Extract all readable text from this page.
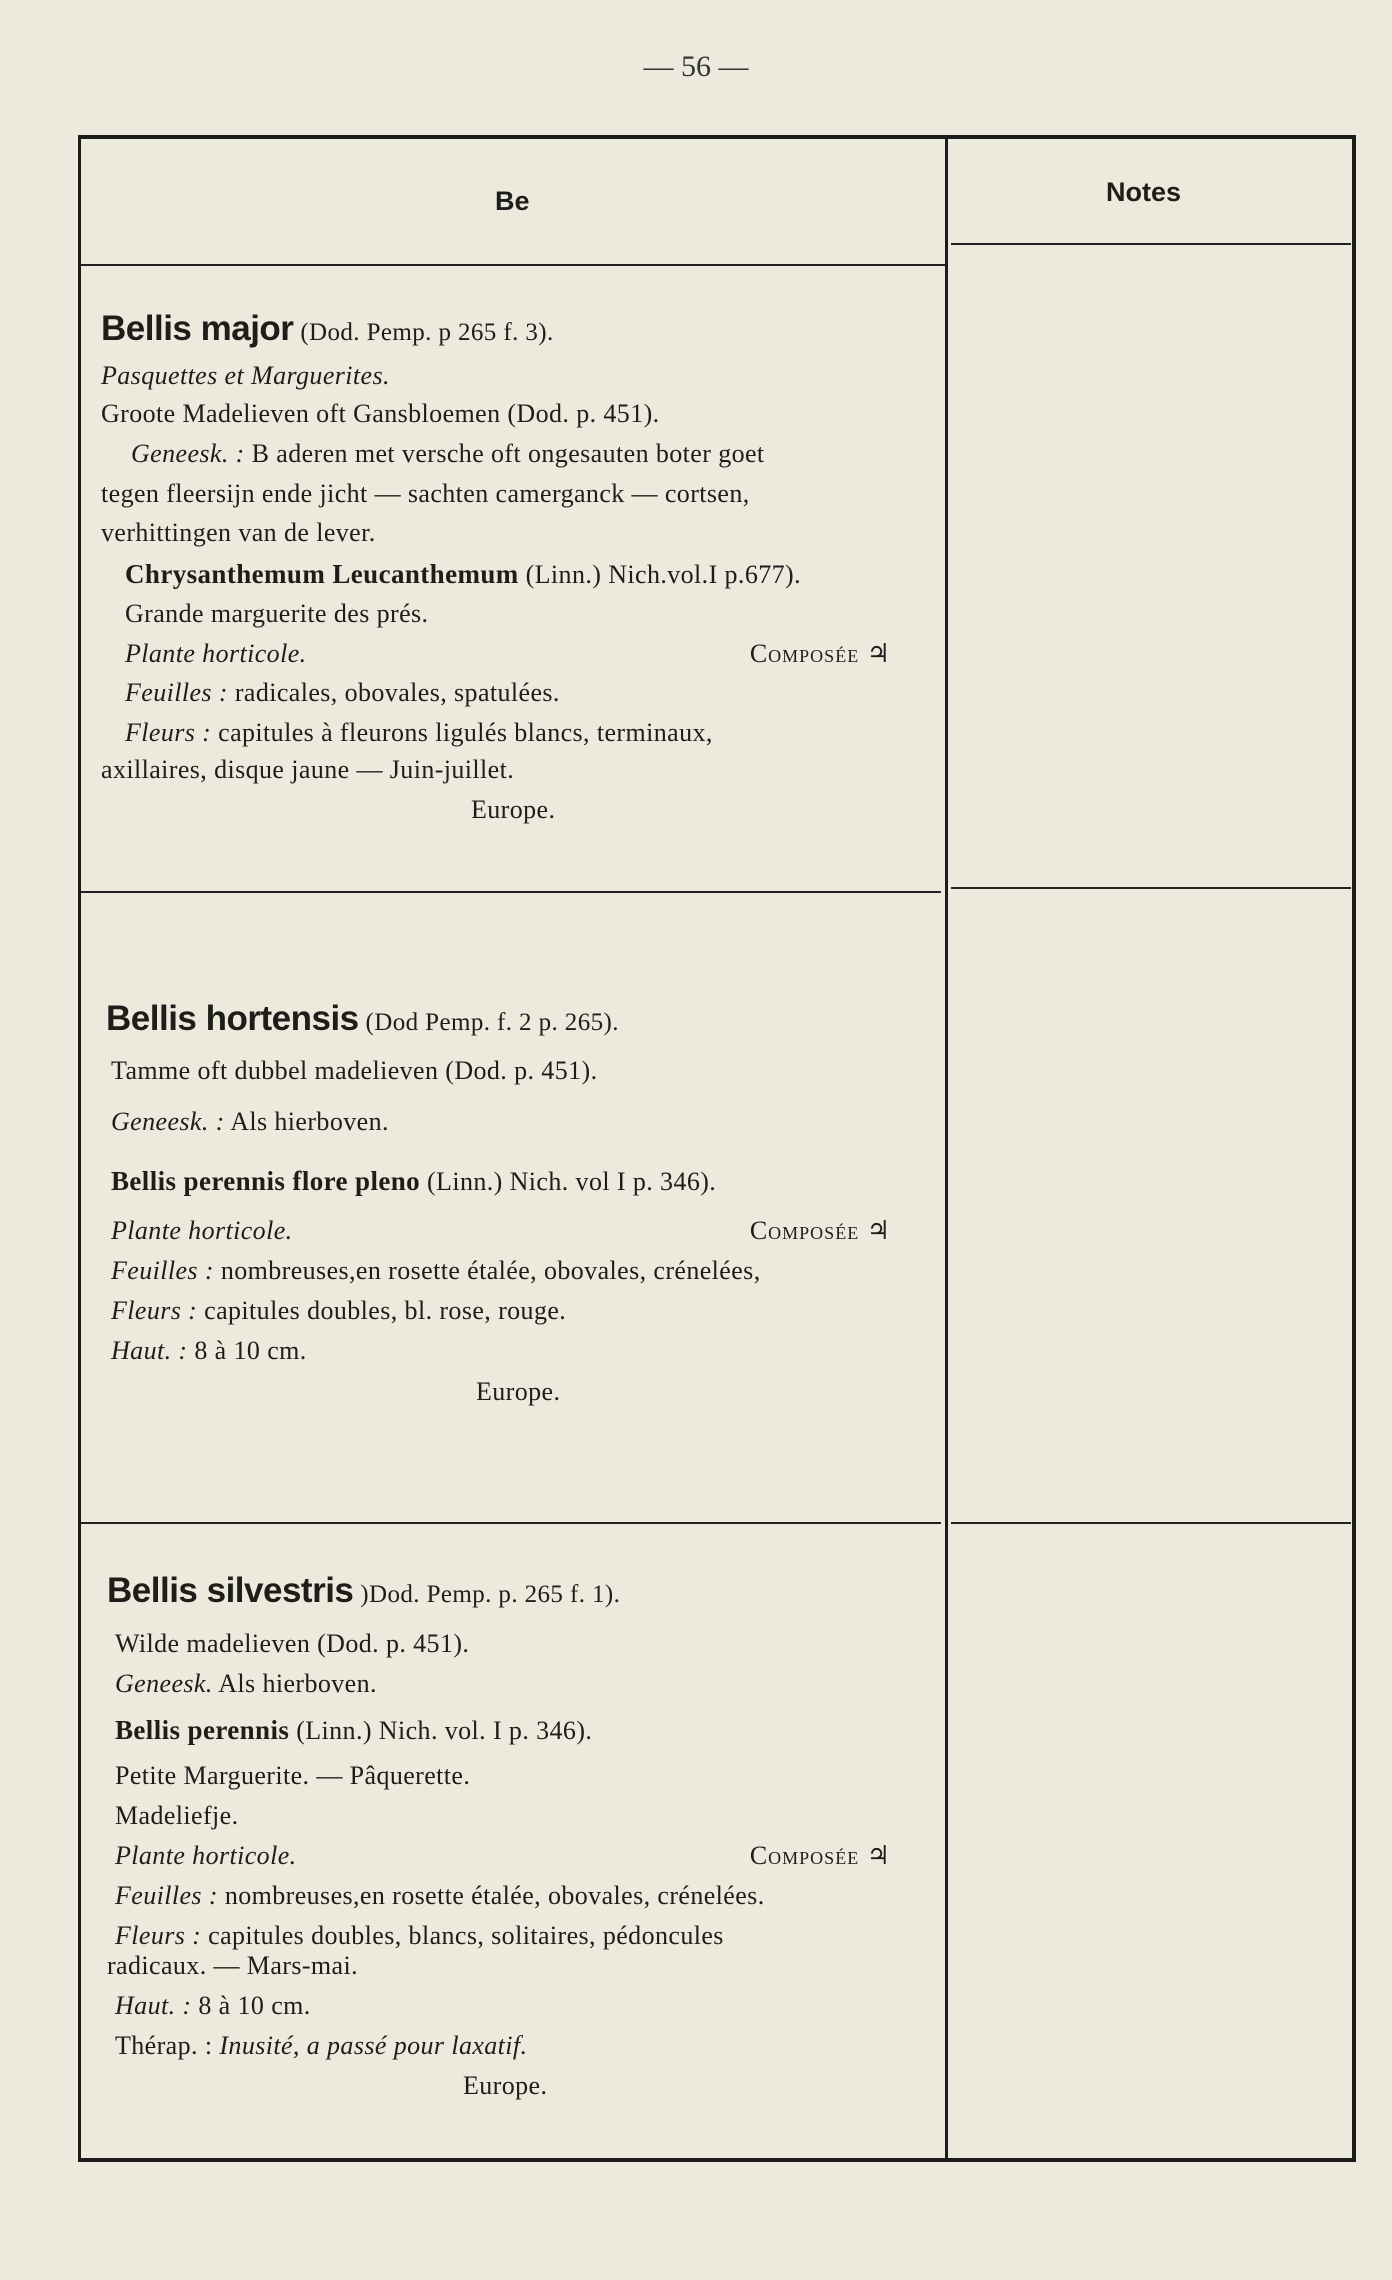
— 56 —
Be	Notes
Bellis major (Dod. Pemp. p 265 f. 3).
Pasquettes et Marguerites.
Groote Madelieven oft Gansbloemen (Dod. p. 451).
Geneesk. : B aderen met versche oft ongesauten boter goet
tegen fleersijn ende jicht — sachten camerganck — cortsen,
verhittingen van de lever.
Chrysanthemum Leucanthemum (Linn.) Nich.vol.I p.677).
Grande marguerite des prés.
Plante horticole.	Composée ♃
Feuilles : radicales, obovales, spatulées.
Fleurs : capitules à fleurons ligulés blancs, terminaux,
axillaires, disque jaune — Juin-juillet.
Europe.
Bellis hortensis (Dod Pemp. f. 2 p. 265).
Tamme oft dubbel madelieven (Dod. p. 451).
Geneesk. : Als hierboven.
Bellis perennis flore pleno (Linn.) Nich. vol I p. 346).
Plante horticole.	Composée ♃
Feuilles : nombreuses,en rosette étalée, obovales, crénelées,
Fleurs : capitules doubles, bl. rose, rouge.
Haut. : 8 à 10 cm.
Europe.
Bellis silvestris )Dod. Pemp. p. 265 f. 1).
Wilde madelieven (Dod. p. 451).
Geneesk. Als hierboven.
Bellis perennis (Linn.) Nich. vol. I p. 346).
Petite Marguerite. — Pâquerette.
Madeliefje.
Plante horticole.	Composée ♃
Feuilles : nombreuses,en rosette étalée, obovales, crénelées.
Fleurs : capitules doubles, blancs, solitaires, pédoncules
radicaux. — Mars-mai.
Haut. : 8 à 10 cm.
Thérap. : Inusité, a passé pour laxatif.
Europe.
